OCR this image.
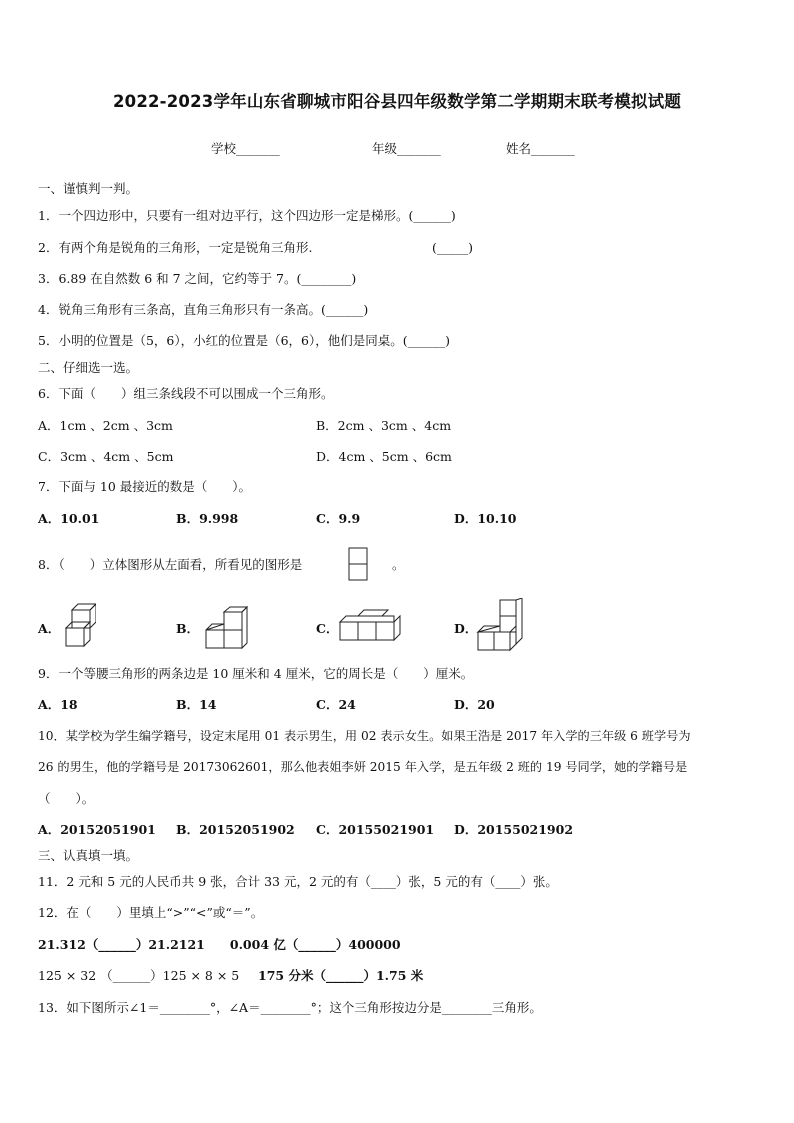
2022-2023学年山东省聊城市阳谷县四年级数学第二学期期末联考模拟试题
学校_______	年级_______	姓名_______
一、谨慎判一判。
1．一个四边形中，只要有一组对边平行，这个四边形一定是梯形。(______)
2．有两个角是锐角的三角形，一定是锐角三角形.	(_____)
3．6.89 在自然数 6 和 7 之间，它约等于 7。(________)
4．锐角三角形有三条高，直角三角形只有一条高。(______)
5．小明的位置是（5，6），小红的位置是（6，6），他们是同桌。(______)
二、仔细选一选。
6．下面（　　）组三条线段不可以围成一个三角形。
A．1cm 、2cm 、3cm	B．2cm 、3cm 、4cm
C．3cm 、4cm 、5cm	D．4cm 、5cm 、6cm
7．下面与 10 最接近的数是（　　）。
A．10.01	B．9.998	C．9.9	D．10.10
8．（　　）立体图形从左面看，所看见的图形是	。
A．	B．	C．	D．
9．一个等腰三角形的两条边是 10 厘米和 4 厘米，它的周长是（　　）厘米。
A．18	B．14	C．24	D．20
10．某学校为学生编学籍号，设定末尾用 01 表示男生，用 02 表示女生。如果王浩是 2017 年入学的三年级 6 班学号为
26 的男生，他的学籍号是 20173062601，那么他表姐李妍 2015 年入学，是五年级 2 班的 19 号同学，她的学籍号是
（　　）。
A．20152051901 B．20152051902 C．20155021901 D．20155021902
三、认真填一填。
11．2 元和 5 元的人民币共 9 张，合计 33 元，2 元的有（____）张，5 元的有（____）张。
12．在（　　）里填上“>”“<”或“＝”。
21.312（______）21.2121　　0.004 亿（______）400000
125 × 32 （______）125 × 8 × 5 175 分米（______）1.75 米
13．如下图所示∠1＝________°，∠A＝________°；这个三角形按边分是________三角形。
